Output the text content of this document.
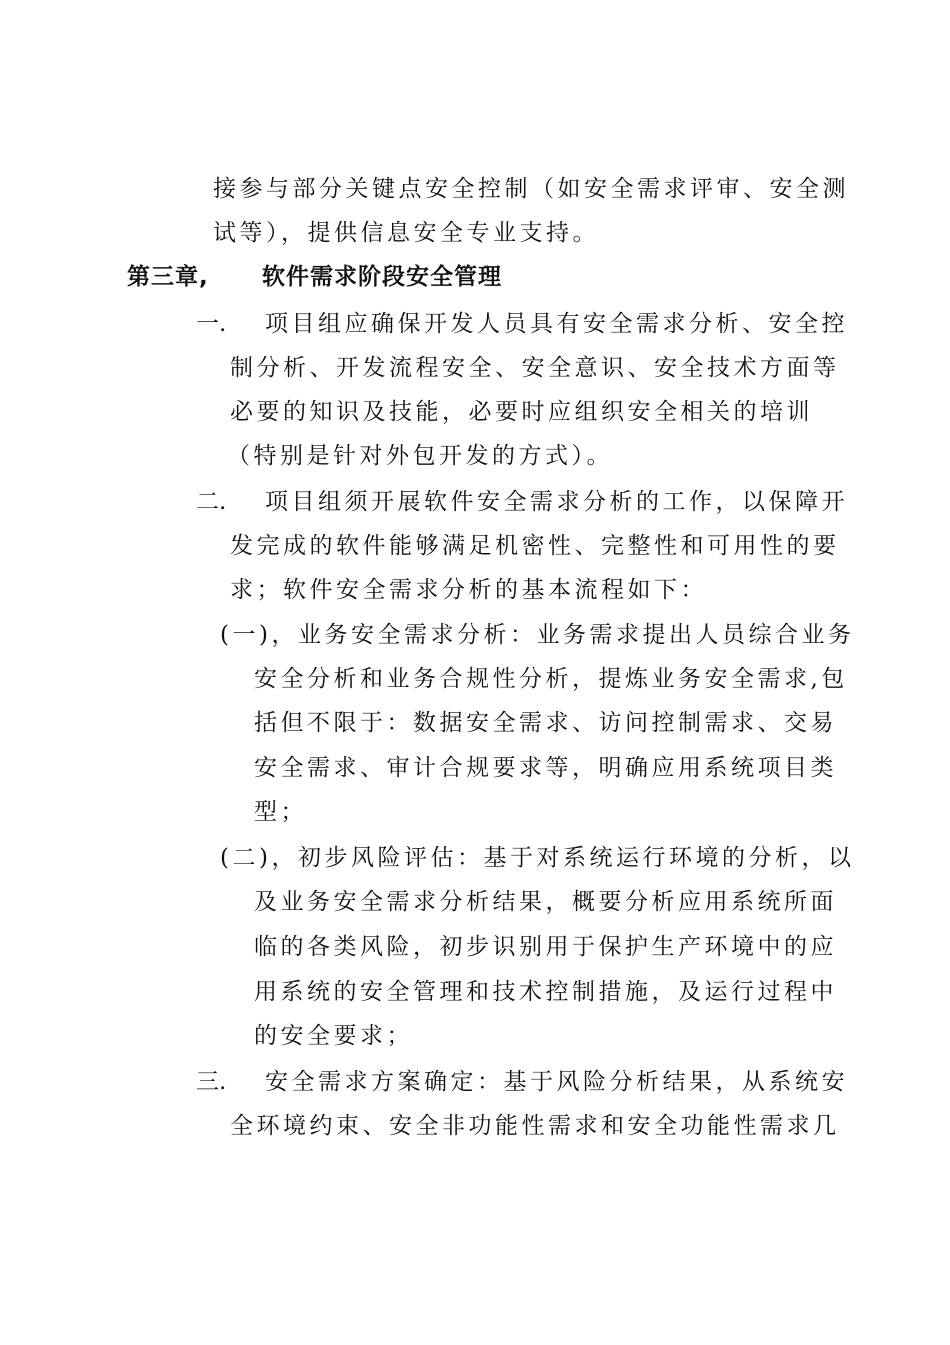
接参与部分关键点安全控制（如安全需求评审、安全测
试等），提供信息安全专业支持。
第三章, 软件需求阶段安全管理
一. 项目组应确保开发人员具有安全需求分析、安全控
制分析、开发流程安全、安全意识、安全技术方面等
必要的知识及技能，必要时应组织安全相关的培训
（特别是针对外包开发的方式）。
二. 项目组须开展软件安全需求分析的工作，以保障开
发完成的软件能够满足机密性、完整性和可用性的要
求；软件安全需求分析的基本流程如下：
(一)，业务安全需求分析：业务需求提出人员综合业务
安全分析和业务合规性分析，提炼业务安全需求,包
括但不限于：数据安全需求、访问控制需求、交易
安全需求、审计合规要求等，明确应用系统项目类
型；
(二)，初步风险评估：基于对系统运行环境的分析，以
及业务安全需求分析结果，概要分析应用系统所面
临的各类风险，初步识别用于保护生产环境中的应
用系统的安全管理和技术控制措施，及运行过程中
的安全要求；
三. 安全需求方案确定：基于风险分析结果，从系统安
全环境约束、安全非功能性需求和安全功能性需求几
